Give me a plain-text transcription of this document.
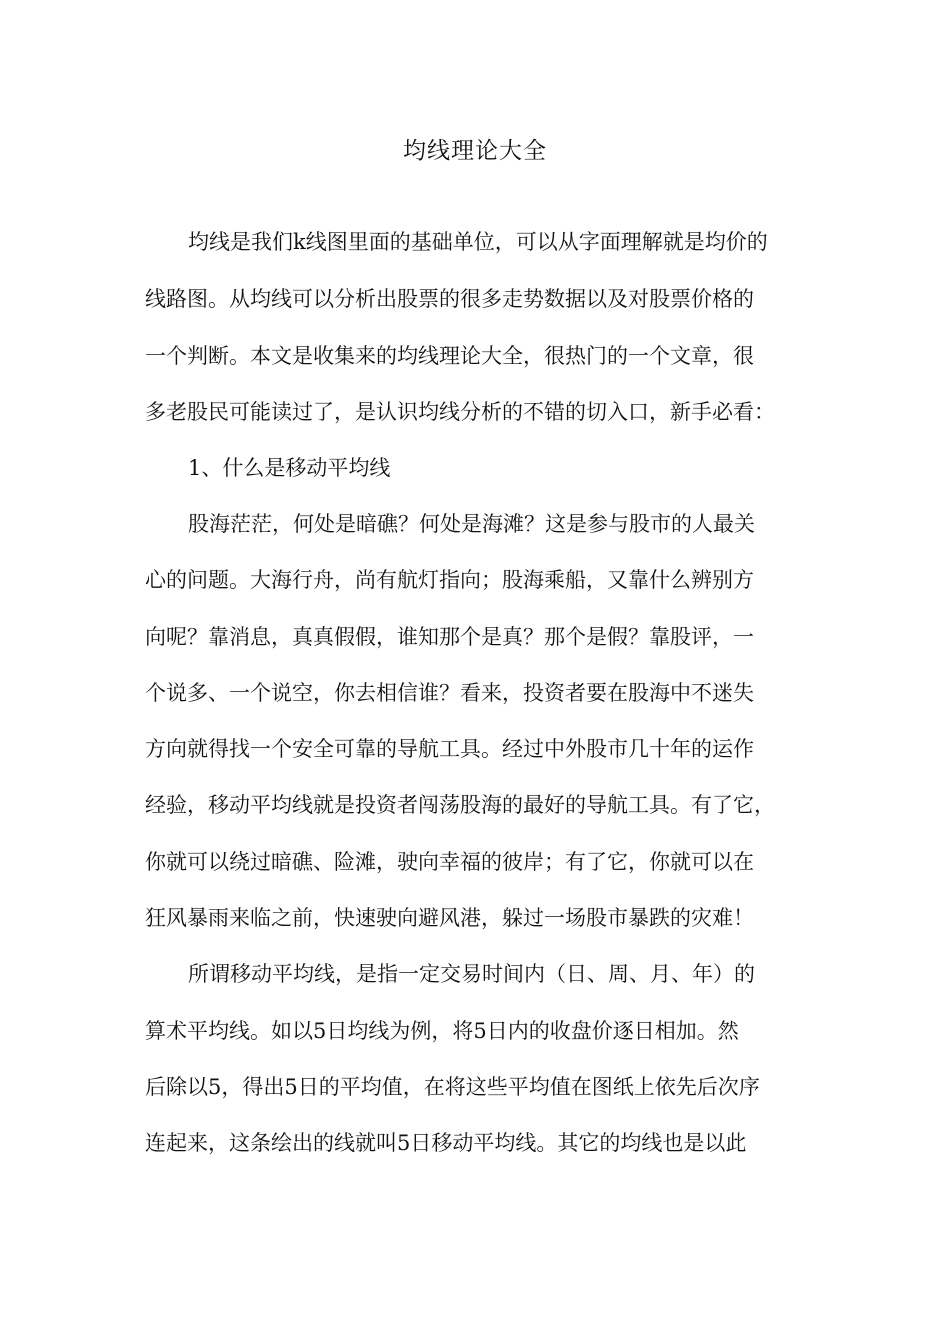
均线理论大全
均线是我们k线图里面的基础单位，可以从字面理解就是均价的
线路图。从均线可以分析出股票的很多走势数据以及对股票价格的
一个判断。本文是收集来的均线理论大全，很热门的一个文章，很
多老股民可能读过了，是认识均线分析的不错的切入口，新手必看：
1、什么是移动平均线
股海茫茫，何处是暗礁？何处是海滩？这是参与股市的人最关
心的问题。大海行舟，尚有航灯指向；股海乘船，又靠什么辨别方
向呢？靠消息，真真假假，谁知那个是真？那个是假？靠股评，一
个说多、一个说空，你去相信谁？看来，投资者要在股海中不迷失
方向就得找一个安全可靠的导航工具。经过中外股市几十年的运作
经验，移动平均线就是投资者闯荡股海的最好的导航工具。有了它，
你就可以绕过暗礁、险滩，驶向幸福的彼岸；有了它，你就可以在
狂风暴雨来临之前，快速驶向避风港，躲过一场股市暴跌的灾难！
所谓移动平均线，是指一定交易时间内（日、周、月、年）的
算术平均线。如以5日均线为例，将5日内的收盘价逐日相加。然
后除以5，得出5日的平均值，在将这些平均值在图纸上依先后次序
连起来，这条绘出的线就叫5日移动平均线。其它的均线也是以此
